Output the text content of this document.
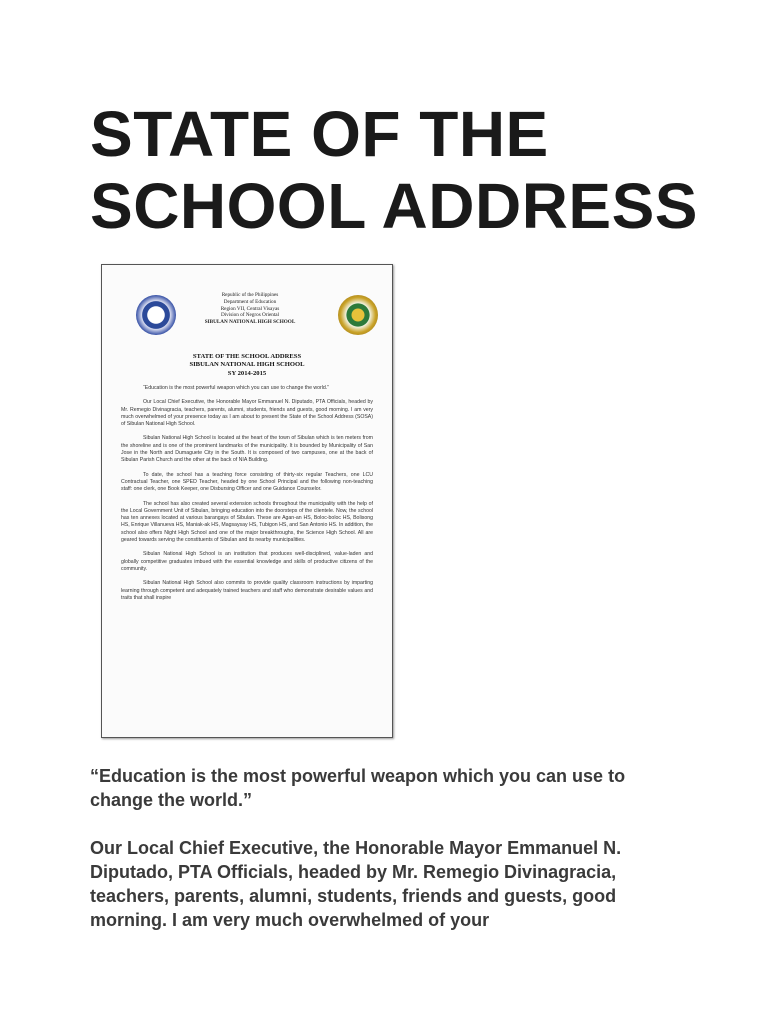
STATE OF THE
SCHOOL ADDRESS
Republic of the Philippines
Department of Education
Region VII, Central Visayas
Division of Negros Oriental
SIBULAN NATIONAL HIGH SCHOOL
STATE OF THE SCHOOL ADDRESS
SIBULAN NATIONAL HIGH SCHOOL
SY 2014-2015

“Education is the most powerful weapon which you can use to change the world.”

Our Local Chief Executive, the Honorable Mayor Emmanuel N. Diputado, PTA Officials, headed by Mr. Remegio Divinagracia, teachers, parents, alumni, students, friends and guests, good morning. I am very much overwhelmed of your presence today as I am about to present the State of the School Address (SOSA) of Sibulan National High School.

Sibulan National High School is located at the heart of the town of Sibulan which is ten meters from the shoreline and is one of the prominent landmarks of the municipality. It is bounded by Municipality of San Jose in the North and Dumaguete City in the South. It is composed of two campuses, one at the back of Sibulan Parish Church and the other at the back of NIA Building.

To date, the school has a teaching force consisting of thirty-six regular Teachers, one LCU Contractual Teacher, one SPED Teacher, headed by one School Principal and the following non-teaching staff: one clerk, one Book Keeper, one Disbursing Officer and one Guidance Counselor.

The school has also created several extension schools throughout the municipality with the help of the Local Government Unit of Sibulan, bringing education into the doorsteps of the clientele. Now, the school has ten annexes located at various barangays of Sibulan. These are Agan-an HS, Boloc-boloc HS, Bolisong HS, Enrique Villanueva HS, Maniak-ak HS, Magsaysay HS, Tubigon HS, and San Antonio HS. In addition, the school also offers Night High School and one of the major breakthroughs, the Science High School. All are geared towards serving the constituents of Sibulan and its nearby municipalities.

Sibulan National High School is an institution that produces well-disciplined, value-laden and globally competitive graduates imbued with the essential knowledge and skills of productive citizens of the community.

Sibulan National High School also commits to provide quality classroom instructions by imparting learning through competent and adequately trained teachers and staff who demonstrate desirable values and traits that shall inspire

“Education is the most powerful weapon which you can use to change the world.”

Our Local Chief Executive, the Honorable Mayor Emmanuel N. Diputado, PTA Officials, headed by Mr. Remegio Divinagracia, teachers, parents, alumni, students, friends and guests, good morning. I am very much overwhelmed of your
